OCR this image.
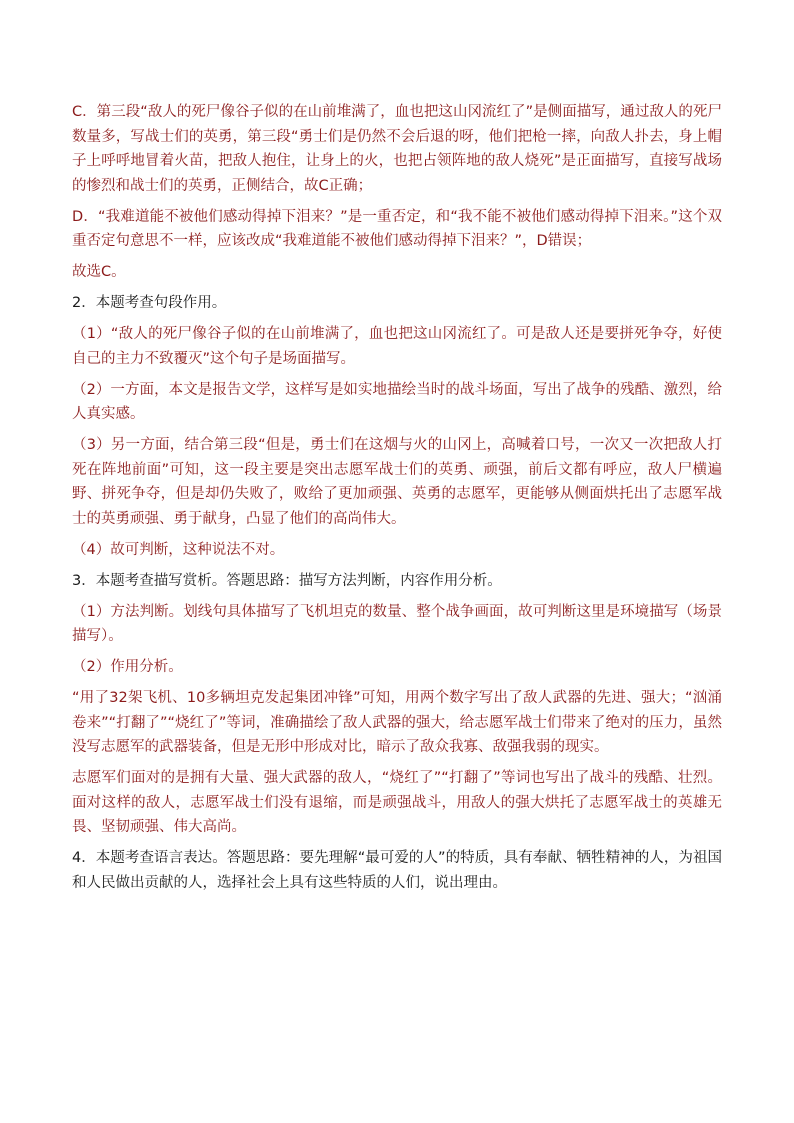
C．第三段“敌人的死尸像谷子似的在山前堆满了，血也把这山冈流红了”是侧面描写，通过敌人的死尸数量多，写战士们的英勇，第三段“勇士们是仍然不会后退的呀，他们把枪一摔，向敌人扑去，身上帽子上呼呼地冒着火苗，把敌人抱住，让身上的火，也把占领阵地的敌人烧死”是正面描写，直接写战场的惨烈和战士们的英勇，正侧结合，故C正确；

D．“我难道能不被他们感动得掉下泪来？”是一重否定，和“我不能不被他们感动得掉下泪来。”这个双重否定句意思不一样，应该改成“我难道能不被他们感动得掉下泪来？”，D错误；

故选C。

2．本题考查句段作用。

（1）“敌人的死尸像谷子似的在山前堆满了，血也把这山冈流红了。可是敌人还是要拼死争夺，好使自己的主力不致覆灭”这个句子是场面描写。

（2）一方面，本文是报告文学，这样写是如实地描绘当时的战斗场面，写出了战争的残酷、激烈，给人真实感。

（3）另一方面，结合第三段“但是，勇士们在这烟与火的山冈上，高喊着口号，一次又一次把敌人打死在阵地前面”可知，这一段主要是突出志愿军战士们的英勇、顽强，前后文都有呼应，敌人尸横遍野、拼死争夺，但是却仍失败了，败给了更加顽强、英勇的志愿军，更能够从侧面烘托出了志愿军战士的英勇顽强、勇于献身，凸显了他们的高尚伟大。

（4）故可判断，这种说法不对。

3．本题考查描写赏析。答题思路：描写方法判断，内容作用分析。

（1）方法判断。划线句具体描写了飞机坦克的数量、整个战争画面，故可判断这里是环境描写（场景描写）。

（2）作用分析。

“用了32架飞机、10多辆坦克发起集团冲锋”可知，用两个数字写出了敌人武器的先进、强大；“汹涌卷来”“打翻了”“烧红了”等词，准确描绘了敌人武器的强大，给志愿军战士们带来了绝对的压力，虽然没写志愿军的武器装备，但是无形中形成对比，暗示了敌众我寡、敌强我弱的现实。

志愿军们面对的是拥有大量、强大武器的敌人，“烧红了”“打翻了”等词也写出了战斗的残酷、壮烈。面对这样的敌人，志愿军战士们没有退缩，而是顽强战斗，用敌人的强大烘托了志愿军战士的英雄无畏、坚韧顽强、伟大高尚。

4．本题考查语言表达。答题思路：要先理解“最可爱的人”的特质，具有奉献、牺牲精神的人，为祖国和人民做出贡献的人，选择社会上具有这些特质的人们，说出理由。
